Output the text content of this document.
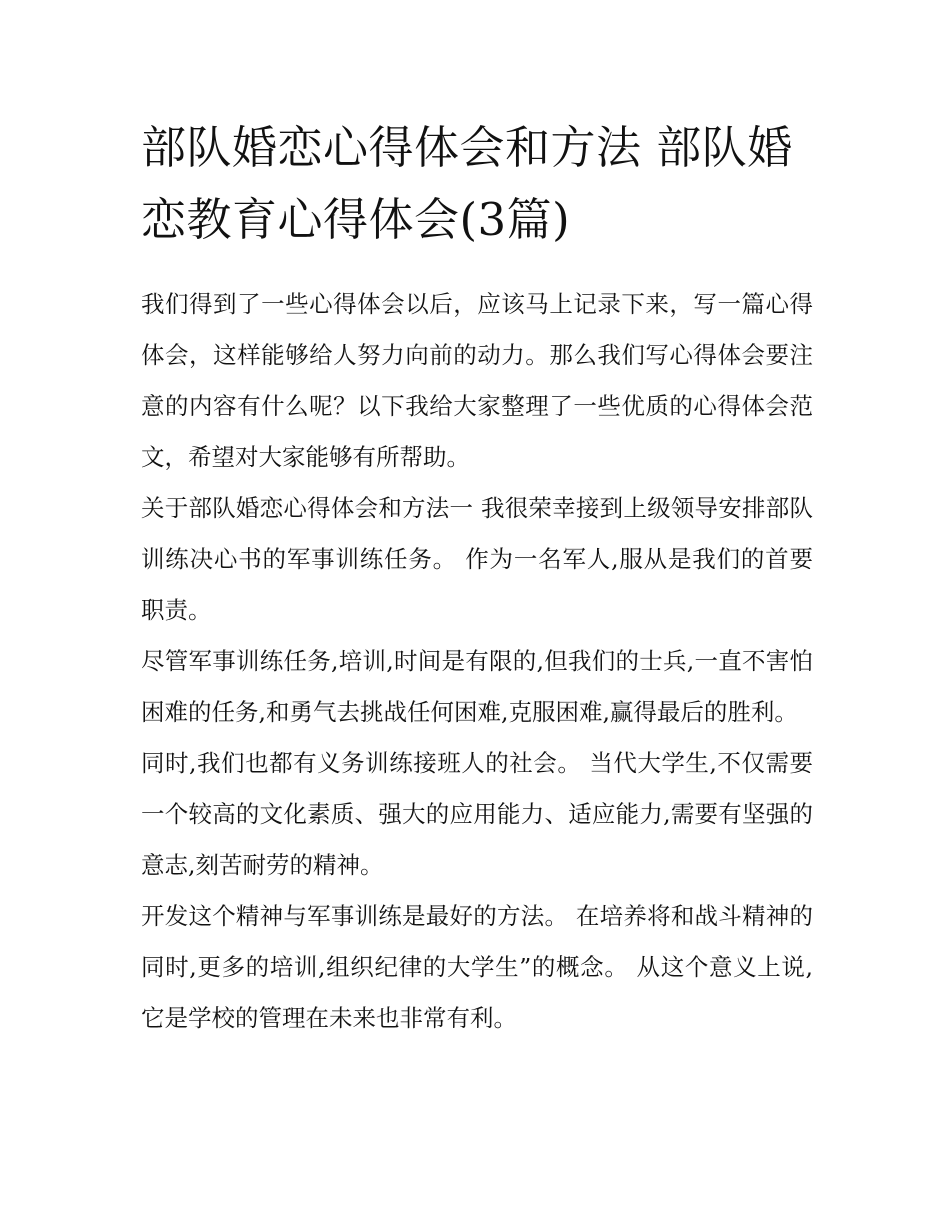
部队婚恋心得体会和方法 部队婚恋教育心得体会(3篇)

我们得到了一些心得体会以后，应该马上记录下来，写一篇心得体会，这样能够给人努力向前的动力。那么我们写心得体会要注意的内容有什么呢？以下我给大家整理了一些优质的心得体会范文，希望对大家能够有所帮助。

关于部队婚恋心得体会和方法一 我很荣幸接到上级领导安排部队训练决心书的军事训练任务。 作为一名军人,服从是我们的首要职责。

尽管军事训练任务,培训,时间是有限的,但我们的士兵,一直不害怕困难的任务,和勇气去挑战任何困难,克服困难,赢得最后的胜利。

同时,我们也都有义务训练接班人的社会。 当代大学生,不仅需要一个较高的文化素质、强大的应用能力、适应能力,需要有坚强的意志,刻苦耐劳的精神。

开发这个精神与军事训练是最好的方法。 在培养将和战斗精神的同时,更多的培训,组织纪律的大学生”的概念。 从这个意义上说,它是学校的管理在未来也非常有利。
